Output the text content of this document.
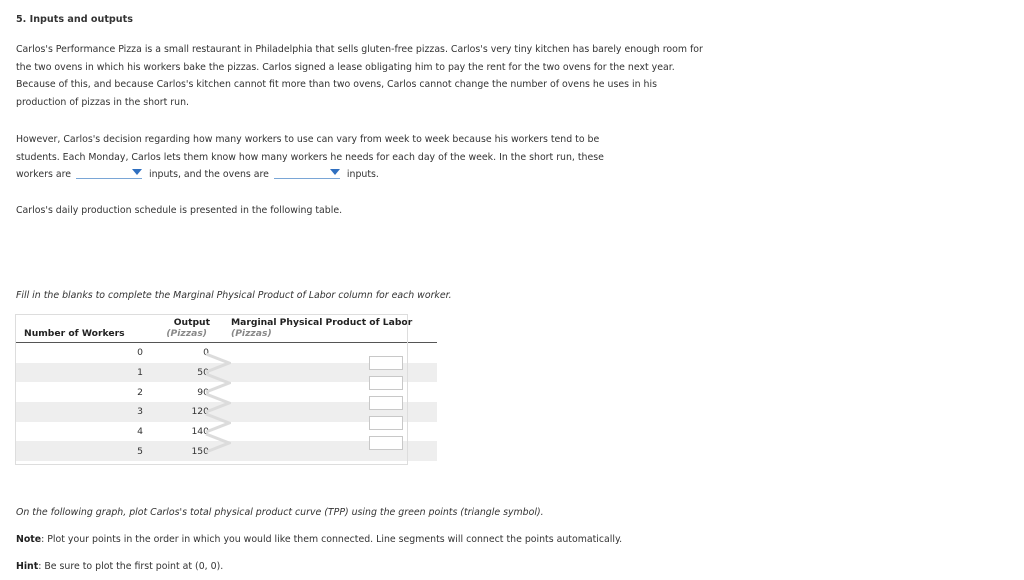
5. Inputs and outputs
Carlos's Performance Pizza is a small restaurant in Philadelphia that sells gluten-free pizzas. Carlos's very tiny kitchen has barely enough room for the two ovens in which his workers bake the pizzas. Carlos signed a lease obligating him to pay the rent for the two ovens for the next year. Because of this, and because Carlos's kitchen cannot fit more than two ovens, Carlos cannot change the number of ovens he uses in his production of pizzas in the short run.
However, Carlos's decision regarding how many workers to use can vary from week to week because his workers tend to be
students. Each Monday, Carlos lets them know how many workers he needs for each day of the week. In the short run, these
workers are	inputs, and the ovens are	inputs.
Carlos's daily production schedule is presented in the following table.
Fill in the blanks to complete the Marginal Physical Product of Labor column for each worker.
	Output	Marginal Physical Product of Labor
Number of Workers	(Pizzas)	(Pizzas)
0	0	
1	50	
2	90	
3	120	
4	140	
5	150	
On the following graph, plot Carlos's total physical product curve (TPP) using the green points (triangle symbol).
Note: Plot your points in the order in which you would like them connected. Line segments will connect the points automatically.
Hint: Be sure to plot the first point at (0, 0).
